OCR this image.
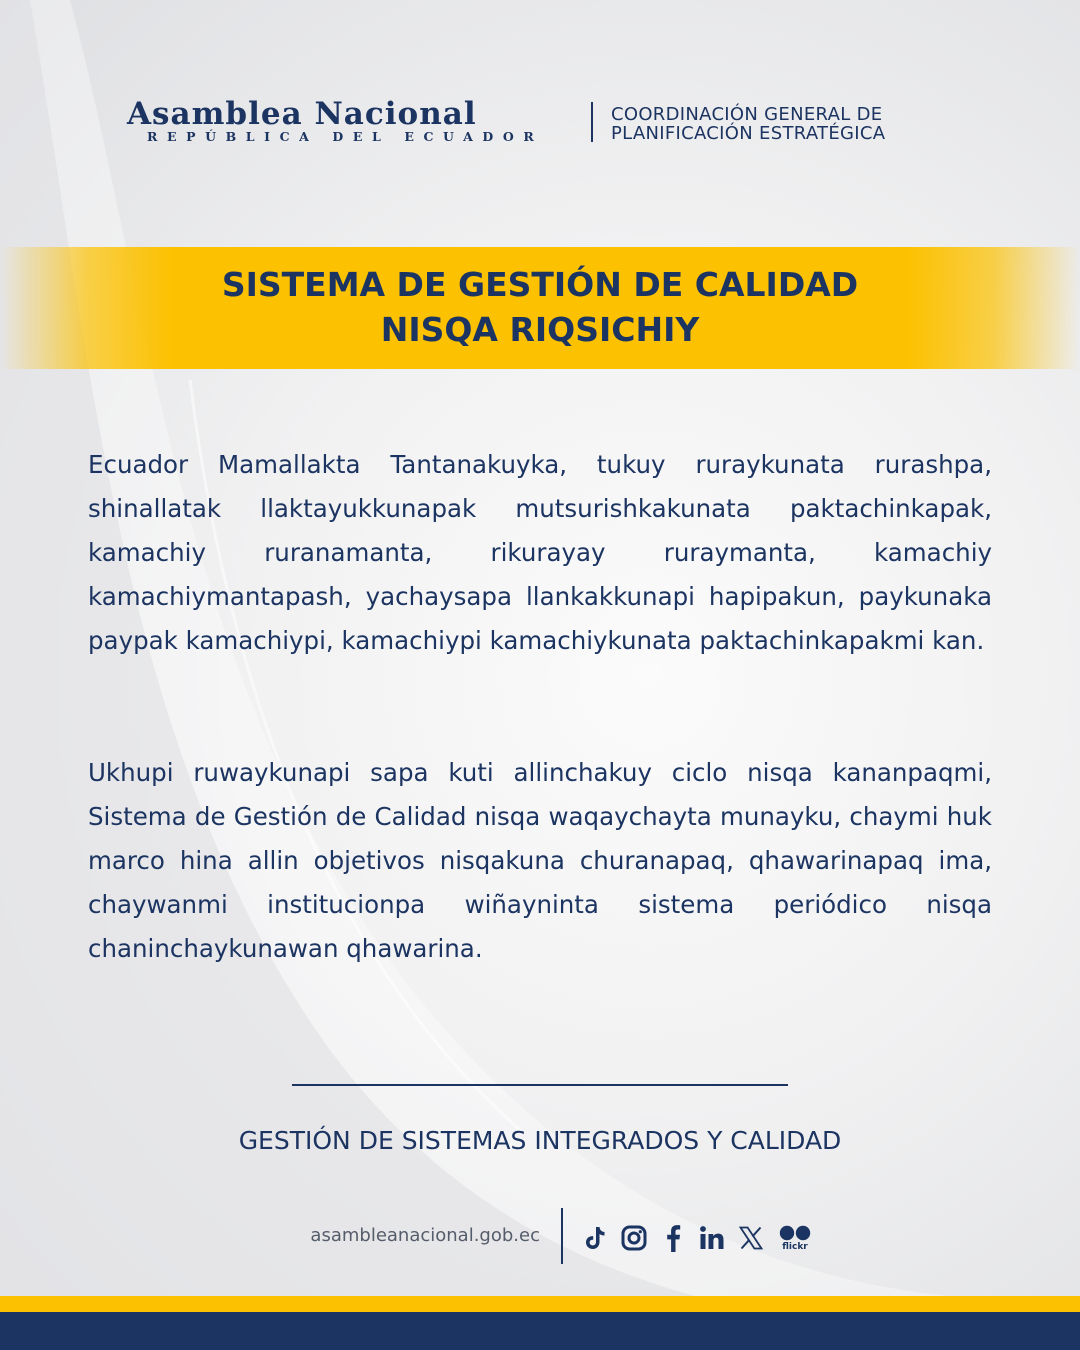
Asamblea Nacional
REPÚBLICA DEL ECUADOR
COORDINACIÓN GENERAL DE
PLANIFICACIÓN ESTRATÉGICA
SISTEMA DE GESTIÓN DE CALIDAD
NISQA RIQSICHIY

Ecuador Mamallakta Tantanakuyka, tukuy ruraykunata rurashpa, shinallatak llaktayukkunapak mutsurishkakunata paktachinkapak, kamachiy ruranamanta, rikurayay ruraymanta, kamachiy kamachiymantapash, yachaysapa llankakkunapi hapipakun, paykunaka paypak kamachiypi, kamachiypi kamachiykunata paktachinkapakmi kan.

Ukhupi ruwaykunapi sapa kuti allinchakuy ciclo nisqa kananpaqmi, Sistema de Gestión de Calidad nisqa waqaychayta munayku, chaymi huk marco hina allin objetivos nisqakuna churanapaq, qhawarinapaq ima, chaywanmi institucionpa wiñayninta sistema periódico nisqa chaninchaykunawan qhawarina.

GESTIÓN DE SISTEMAS INTEGRADOS Y CALIDAD
asambleanacional.gob.ec
flickr
